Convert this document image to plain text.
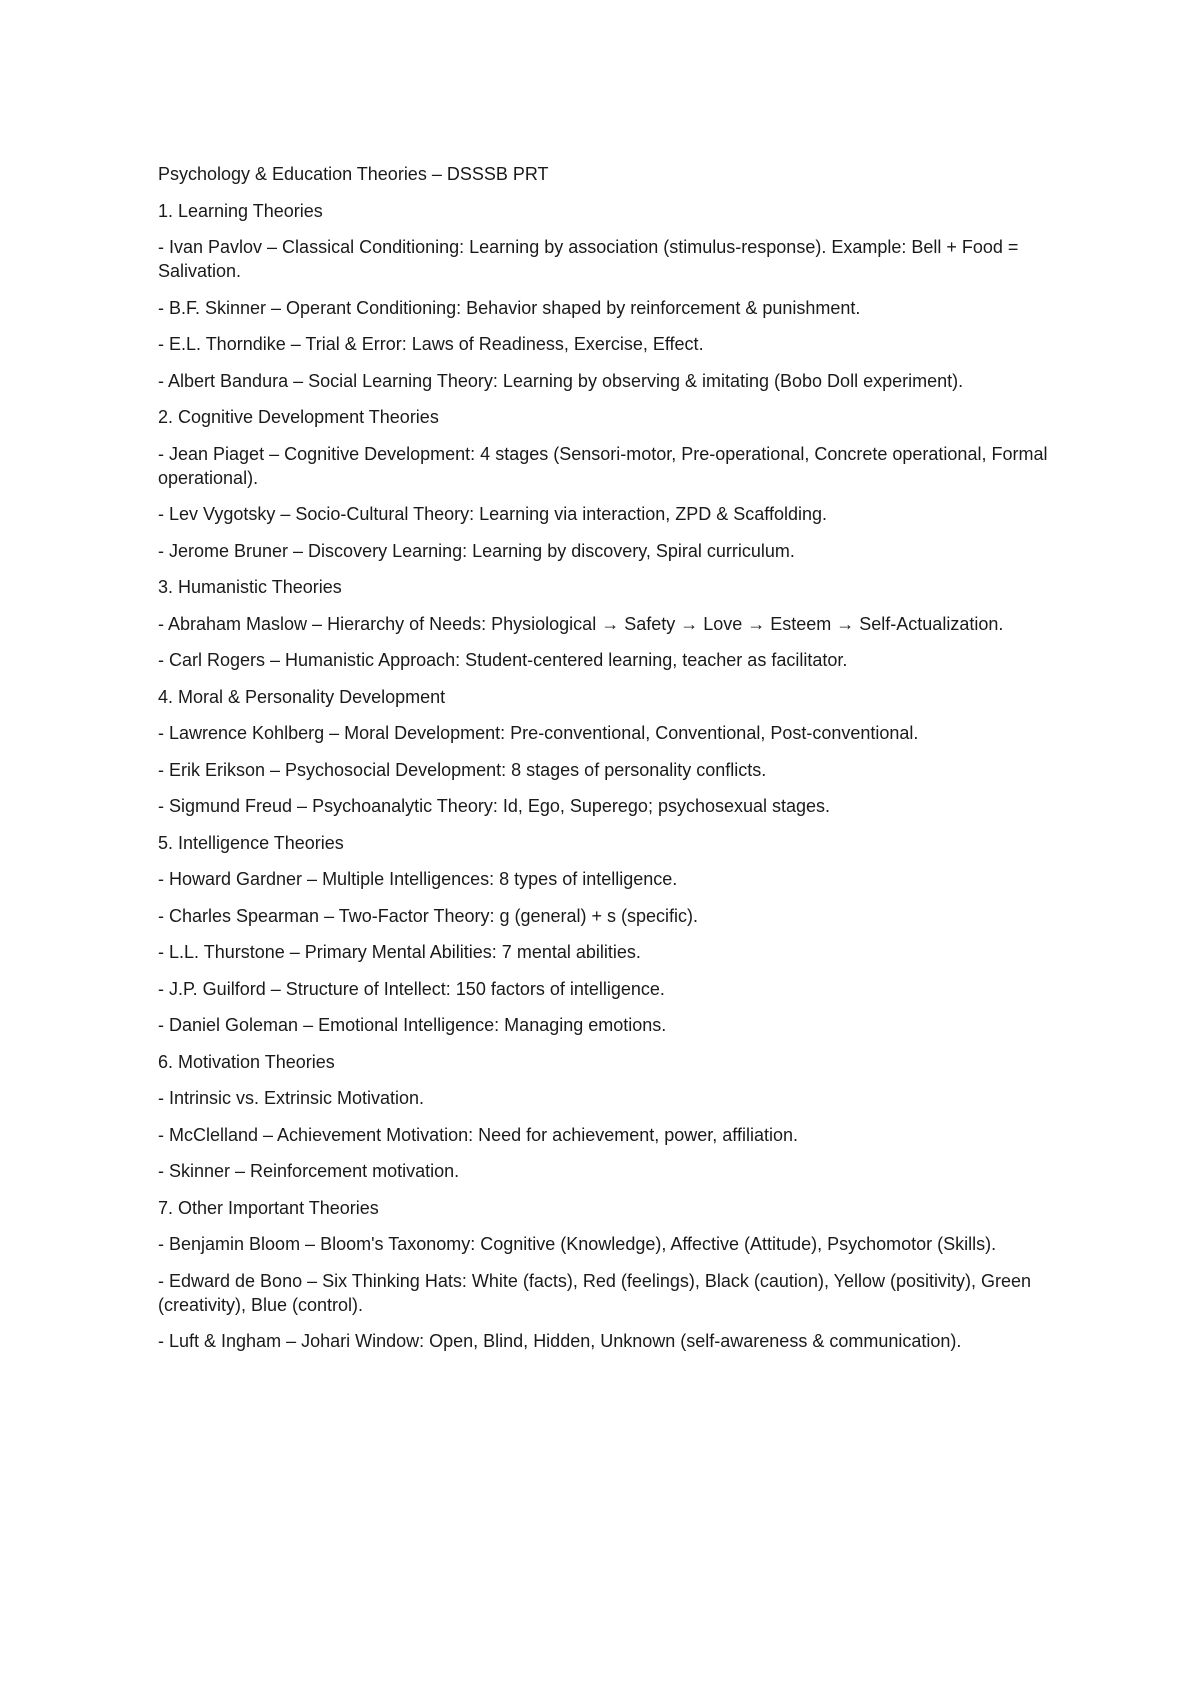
Psychology & Education Theories – DSSSB PRT
1. Learning Theories
- Ivan Pavlov – Classical Conditioning: Learning by association (stimulus-response). Example: Bell + Food = Salivation.
- B.F. Skinner – Operant Conditioning: Behavior shaped by reinforcement & punishment.
- E.L. Thorndike – Trial & Error: Laws of Readiness, Exercise, Effect.
- Albert Bandura – Social Learning Theory: Learning by observing & imitating (Bobo Doll experiment).
2. Cognitive Development Theories
- Jean Piaget – Cognitive Development: 4 stages (Sensori-motor, Pre-operational, Concrete operational, Formal operational).
- Lev Vygotsky – Socio-Cultural Theory: Learning via interaction, ZPD & Scaffolding.
- Jerome Bruner – Discovery Learning: Learning by discovery, Spiral curriculum.
3. Humanistic Theories
- Abraham Maslow – Hierarchy of Needs: Physiological → Safety → Love → Esteem → Self-Actualization.
- Carl Rogers – Humanistic Approach: Student-centered learning, teacher as facilitator.
4. Moral & Personality Development
- Lawrence Kohlberg – Moral Development: Pre-conventional, Conventional, Post-conventional.
- Erik Erikson – Psychosocial Development: 8 stages of personality conflicts.
- Sigmund Freud – Psychoanalytic Theory: Id, Ego, Superego; psychosexual stages.
5. Intelligence Theories
- Howard Gardner – Multiple Intelligences: 8 types of intelligence.
- Charles Spearman – Two-Factor Theory: g (general) + s (specific).
- L.L. Thurstone – Primary Mental Abilities: 7 mental abilities.
- J.P. Guilford – Structure of Intellect: 150 factors of intelligence.
- Daniel Goleman – Emotional Intelligence: Managing emotions.
6. Motivation Theories
- Intrinsic vs. Extrinsic Motivation.
- McClelland – Achievement Motivation: Need for achievement, power, affiliation.
- Skinner – Reinforcement motivation.
7. Other Important Theories
- Benjamin Bloom – Bloom's Taxonomy: Cognitive (Knowledge), Affective (Attitude), Psychomotor (Skills).
- Edward de Bono – Six Thinking Hats: White (facts), Red (feelings), Black (caution), Yellow (positivity), Green (creativity), Blue (control).
- Luft & Ingham – Johari Window: Open, Blind, Hidden, Unknown (self-awareness & communication).
